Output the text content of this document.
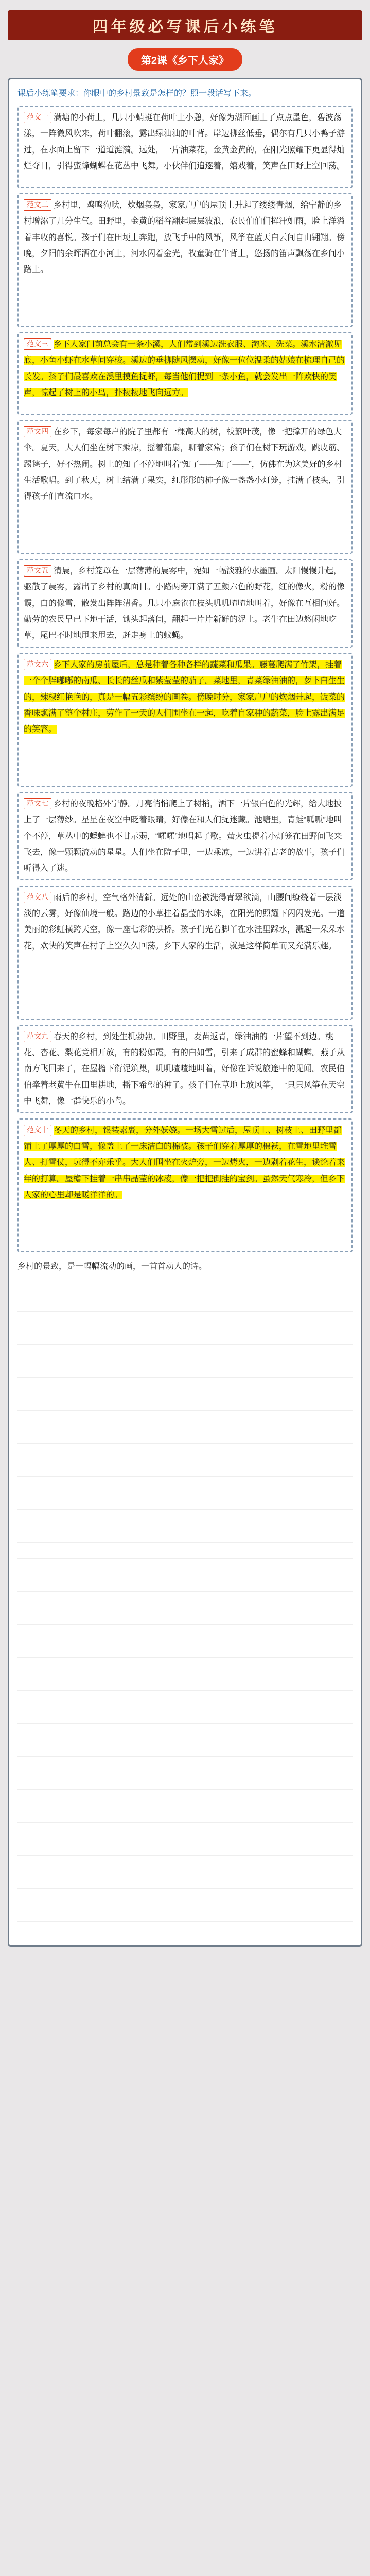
四年级必写课后小练笔
第2课《乡下人家》

课后小练笔要求：你眼中的乡村景致是怎样的？照一段话写下来。

范文一 满塘的小荷上，几只小蜻蜓在荷叶上小憩，好像为湖面画上了点点墨色，碧波荡漾，一阵微风吹来，荷叶翻滚，露出绿油油的叶背。岸边柳丝低垂，偶尔有几只小鸭子游过，在水面上留下一道道涟漪。远处，一片油菜花，金黄金黄的，在阳光照耀下更显得灿烂夺目，引得蜜蜂蝴蝶在花丛中飞舞。小伙伴们追逐着，嬉戏着，笑声在田野上空回荡。

范文二 乡村里，鸡鸣狗吠，炊烟袅袅，家家户户的屋顶上升起了缕缕青烟，给宁静的乡村增添了几分生气。田野里，金黄的稻谷翻起层层波浪，农民伯伯们挥汗如雨，脸上洋溢着丰收的喜悦。孩子们在田埂上奔跑，放飞手中的风筝，风筝在蓝天白云间自由翱翔。傍晚，夕阳的余晖洒在小河上，河水闪着金光，牧童骑在牛背上，悠扬的笛声飘荡在乡间小路上。

范文三 乡下人家门前总会有一条小溪，人们常到溪边洗衣服、淘米、洗菜。溪水清澈见底，小鱼小虾在水草间穿梭。溪边的垂柳随风摆动，好像一位位温柔的姑娘在梳理自己的长发。孩子们最喜欢在溪里摸鱼捉虾，每当他们捉到一条小鱼，就会发出一阵欢快的笑声，惊起了树上的小鸟，扑棱棱地飞向远方。

范文四 在乡下，每家每户的院子里都有一棵高大的树，枝繁叶茂，像一把撑开的绿色大伞。夏天，大人们坐在树下乘凉，摇着蒲扇，聊着家常；孩子们在树下玩游戏，跳皮筋、踢毽子，好不热闹。树上的知了不停地叫着“知了——知了——”，仿佛在为这美好的乡村生活歌唱。到了秋天，树上结满了果实，红彤彤的柿子像一盏盏小灯笼，挂满了枝头，引得孩子们直流口水。

范文五 清晨，乡村笼罩在一层薄薄的晨雾中，宛如一幅淡雅的水墨画。太阳慢慢升起，驱散了晨雾，露出了乡村的真面目。小路两旁开满了五颜六色的野花，红的像火，粉的像霞，白的像雪，散发出阵阵清香。几只小麻雀在枝头叽叽喳喳地叫着，好像在互相问好。勤劳的农民早已下地干活，锄头起落间，翻起一片片新鲜的泥土。老牛在田边悠闲地吃草，尾巴不时地甩来甩去，赶走身上的蚊蝇。

范文六 乡下人家的房前屋后，总是种着各种各样的蔬菜和瓜果。藤蔓爬满了竹架，挂着一个个胖嘟嘟的南瓜、长长的丝瓜和紫莹莹的茄子。菜地里，青菜绿油油的，萝卜白生生的，辣椒红艳艳的，真是一幅五彩缤纷的画卷。傍晚时分，家家户户的炊烟升起，饭菜的香味飘满了整个村庄，劳作了一天的人们围坐在一起，吃着自家种的蔬菜，脸上露出满足的笑容。

范文七 乡村的夜晚格外宁静。月亮悄悄爬上了树梢，洒下一片银白色的光辉，给大地披上了一层薄纱。星星在夜空中眨着眼睛，好像在和人们捉迷藏。池塘里，青蛙“呱呱”地叫个不停，草丛中的蟋蟀也不甘示弱，“嚯嚯”地唱起了歌。萤火虫提着小灯笼在田野间飞来飞去，像一颗颗流动的星星。人们坐在院子里，一边乘凉，一边讲着古老的故事，孩子们听得入了迷。

范文八 雨后的乡村，空气格外清新。远处的山峦被洗得青翠欲滴，山腰间缭绕着一层淡淡的云雾，好像仙境一般。路边的小草挂着晶莹的水珠，在阳光的照耀下闪闪发光。一道美丽的彩虹横跨天空，像一座七彩的拱桥。孩子们光着脚丫在水洼里踩水，溅起一朵朵水花，欢快的笑声在村子上空久久回荡。乡下人家的生活，就是这样简单而又充满乐趣。

范文九 春天的乡村，到处生机勃勃。田野里，麦苗返青，绿油油的一片望不到边。桃花、杏花、梨花竞相开放，有的粉如霞，有的白如雪，引来了成群的蜜蜂和蝴蝶。燕子从南方飞回来了，在屋檐下衔泥筑巢，叽叽喳喳地叫着，好像在诉说旅途中的见闻。农民伯伯牵着老黄牛在田里耕地，播下希望的种子。孩子们在草地上放风筝，一只只风筝在天空中飞舞，像一群快乐的小鸟。

范文十 冬天的乡村，银装素裹，分外妖娆。一场大雪过后，屋顶上、树枝上、田野里都铺上了厚厚的白雪，像盖上了一床洁白的棉被。孩子们穿着厚厚的棉袄，在雪地里堆雪人、打雪仗，玩得不亦乐乎。大人们围坐在火炉旁，一边烤火，一边剥着花生，谈论着来年的打算。屋檐下挂着一串串晶莹的冰凌，像一把把倒挂的宝剑。虽然天气寒冷，但乡下人家的心里却是暖洋洋的。

乡村的景致，是一幅幅流动的画，一首首动人的诗。
